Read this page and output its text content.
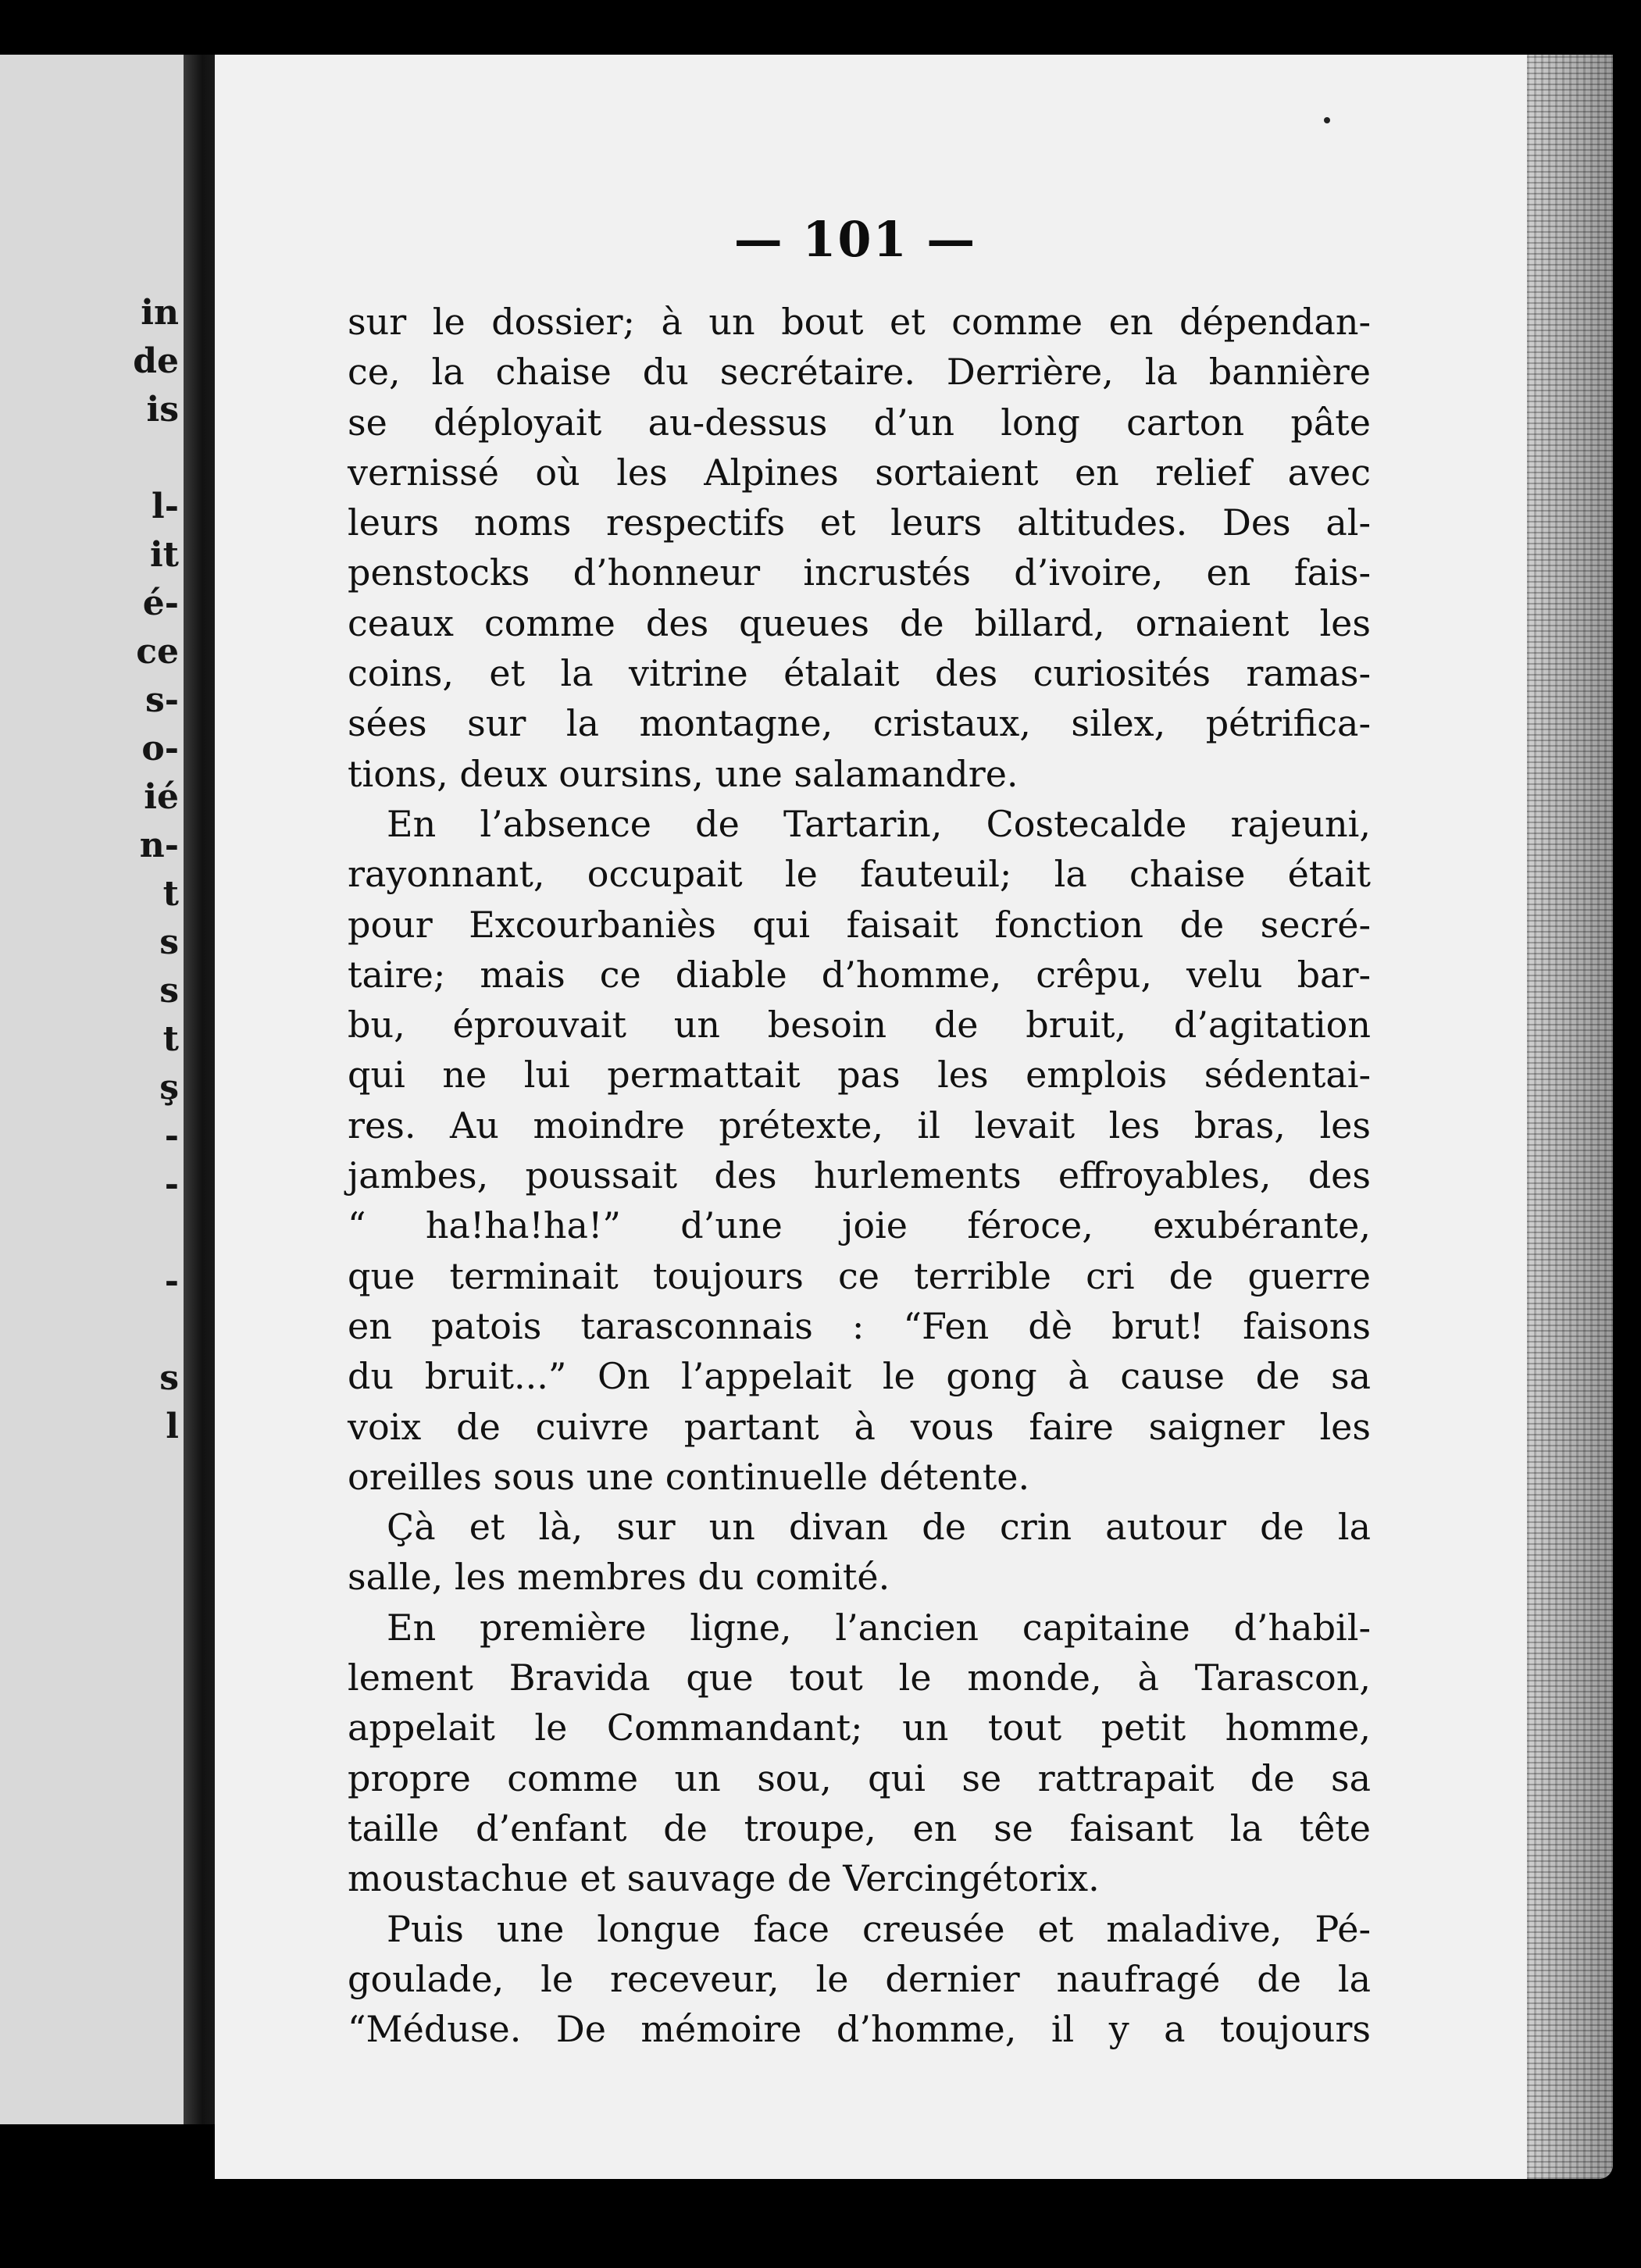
in
de
is

l-
it
é-
ce
s-
o-
ié
n-
t
s
s
t
ş
-
-

-

s
l
— 101 —
sur le dossier; à un bout et comme en dépendan-
ce, la chaise du secrétaire. Derrière, la bannière
se déployait au-dessus d’un long carton pâte
vernissé où les Alpines sortaient en relief avec
leurs noms respectifs et leurs altitudes. Des al-
penstocks d’honneur incrustés d’ivoire, en fais-
ceaux comme des queues de billard, ornaient les
coins, et la vitrine étalait des curiosités ramas-
sées sur la montagne, cristaux, silex, pétrifica-
tions, deux oursins, une salamandre.
En l’absence de Tartarin, Costecalde rajeuni,
rayonnant, occupait le fauteuil; la chaise était
pour Excourbaniès qui faisait fonction de secré-
taire; mais ce diable d’homme, crêpu, velu bar-
bu, éprouvait un besoin de bruit, d’agitation
qui ne lui permattait pas les emplois sédentai-
res. Au moindre prétexte, il levait les bras, les
jambes, poussait des hurlements effroyables, des
“ ha!ha!ha!” d’une joie féroce, exubérante,
que terminait toujours ce terrible cri de guerre
en patois tarasconnais : “Fen dè brut! faisons
du bruit...” On l’appelait le gong à cause de sa
voix de cuivre partant à vous faire saigner les
oreilles sous une continuelle détente.
Çà et là, sur un divan de crin autour de la
salle, les membres du comité.
En première ligne, l’ancien capitaine d’habil-
lement Bravida que tout le monde, à Tarascon,
appelait le Commandant; un tout petit homme,
propre comme un sou, qui se rattrapait de sa
taille d’enfant de troupe, en se faisant la tête
moustachue et sauvage de Vercingétorix.
Puis une longue face creusée et maladive, Pé-
goulade, le receveur, le dernier naufragé de la
“Méduse. De mémoire d’homme, il y a toujours
